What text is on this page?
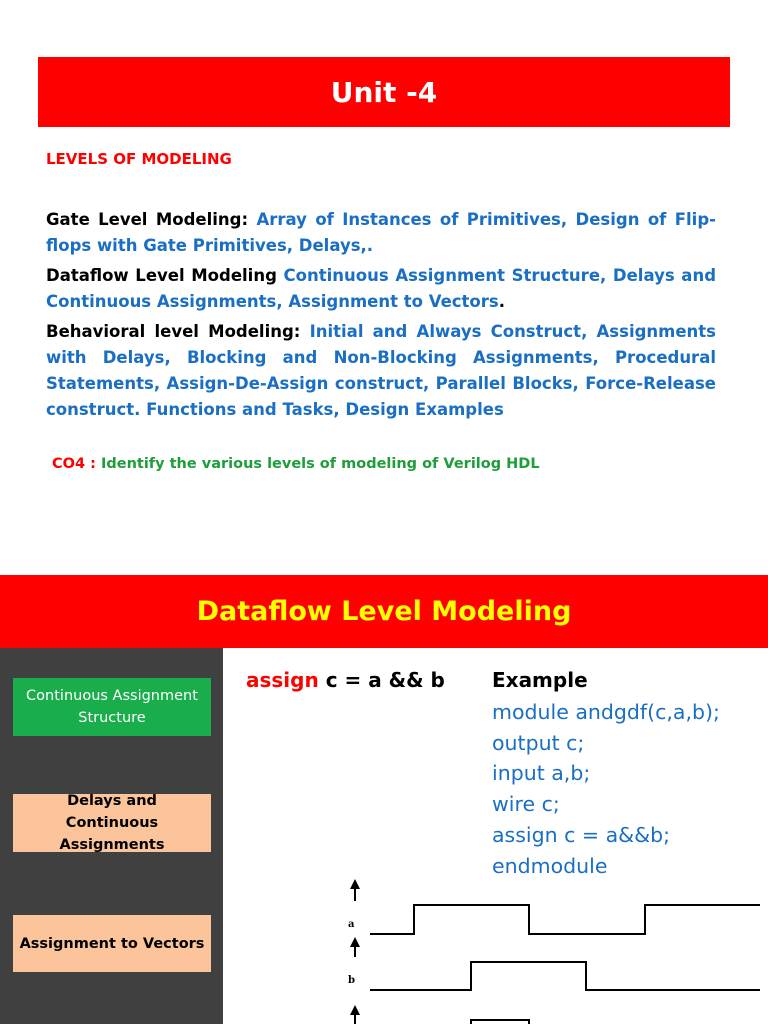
Unit -4
LEVELS OF MODELING

Gate Level Modeling: Array of Instances of Primitives, Design of Flip-flops with Gate Primitives, Delays,.

Dataflow Level Modeling Continuous Assignment Structure, Delays and Continuous Assignments, Assignment to Vectors.

Behavioral level Modeling: Initial and Always Construct, Assignments with Delays, Blocking and Non-Blocking Assignments, Procedural Statements, Assign-De-Assign construct, Parallel Blocks, Force-Release construct. Functions and Tasks, Design Examples

CO4 : Identify the various levels of modeling of Verilog HDL
Dataflow Level Modeling
Continuous Assignment Structure
Delays and Continuous Assignments
Assignment to Vectors
assign c = a && b Example
module andgdf(c,a,b);
output c;
input a,b;
wire c;
assign c = a&&b;
endmodule
a
b
